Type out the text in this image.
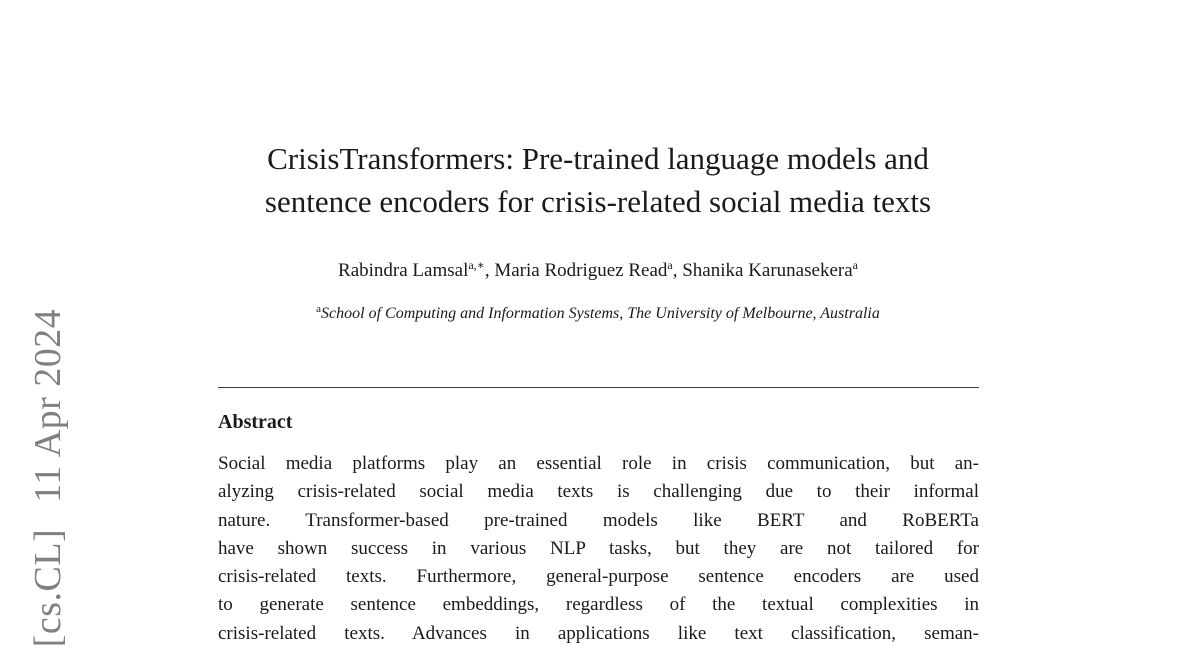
[cs.CL]11 Apr 2024
CrisisTransformers: Pre-trained language models and
sentence encoders for crisis-related social media texts
Rabindra Lamsal$^{a,∗}$, Maria Rodriguez Read$^a$, Shanika Karunasekera$^a$
$^a$School of Computing and Information Systems, The University of Melbourne, Australia
Abstract
Social media platforms play an essential role in crisis communication, but an-
alyzing crisis-related social media texts is challenging due to their informal
nature. Transformer-based pre-trained models like BERT and RoBERTa
have shown success in various NLP tasks, but they are not tailored for
crisis-related texts. Furthermore, general-purpose sentence encoders are used
to generate sentence embeddings, regardless of the textual complexities in
crisis-related texts. Advances in applications like text classification, seman-
